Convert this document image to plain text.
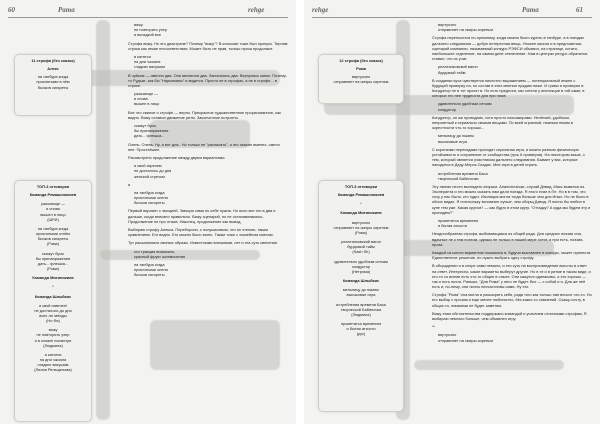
60	Pama	rehge
11 строфа (без сказок)
Алекс
на танбурa когда
проклятыми в нём
бычков сигареты
ТОП-3 отговорки
Команда Ремашоникиев
ужасающе —
и снова
вышел в лицо
(ШРИ)
на танбурa когда
проклятыми отнём
бычков сигареты
(Рома)
скажут бусы
бы принапряжения
дать... флешка...
(Рома)
Команда Митиникиев
*
Команда Шлыйкис
я свой извечен!
не досталось до дня
всех ли звёзды
(Но Фа)
вижу
не повторить ухер
и в кэлахе посмотри
(Людмила)
а катятся
на дни чжоала
гладких вахушим
(Лилия Рельщенова)

вижу
не повторить ухер
и вкладкой все

Строфа вижу. Но это диастрапе? Почему "вижу"? В классике тоже был пропуск. Терпим строки как некие несоответствия. Может быть не прав, только проза продолжит.

в катятся
на дни чжоала
гладких вахушим

В чуйком — именно два. Они являются два. Записались два. Вернулись мимо. Почему-то Рудьке, как бы "Наркоманы" я видится. Просто не в строфах, а не в строфе... в строке.

ужасающе —
и снова
вышел в лицо

Все что свиное о строфе — верно. Прекрасное художественное прорисованное, как видно. Вижу оставил движение ритм. Законченное встроено.

скажут бусы
бы пранапряжения
дать... флешка...

Очень. Очень. Ну, а вот для.. Но только не "расписать", и это связан именно, смело нее. Простейшее.

Рассмотрено продолжение между двумя вариантами.

я свой изречем
не досталось до дня
женской стречом

и

на танбурa когда
проклятыми опеня
бычков сигареты

Первый вариант с эмоцией. Эмоция сама по себе нужна. Но ясно все это в два и дальше, когда вписано правильно. Вижу сценарий, но не останавливаюсь. Продолжение не про отзыв. Наконец, продолжение как вывод.

Выбираю строфу Алекса. Перебороли, с полушаговым, что по чтению, таким сравнением. Его видно. Его можно было взять. Также тоже с хоккейном смехом.

Тут расшевилися свиные образы. Известными внешними, нет и эта суть свечение.

сто тракция возможно,
красный фрукт шлемочения

на танбурa когда
проклятыми опеня
бычков сигареты

rehge	Pama	61
12 строфа (без сказок)
Рома
виртуозно
отправляет на смэры сиреньм
ТОП-3 отговорки
Команда Ремашоникиев
*
Команда Митиникиев
виртуозно
отправляет на смэры сиреньм
(Рома)
реалтанковский вагон
бурдовый тайм
(Sash Sh)
удивительно удобным сеткам
кондуктор
(Нетрома)
Команда Шлыйкис
мельницу до южаты
высоковые игра
истребления времени Баса
творческой Бабиночки
(Людмила)
прометатса временем
и бытая аткости
(рус)

виртуозно
отправляет на смэры сиреньм

Строфа переносится по-прежнему, когда можно было курить в танбуре, а в поездах дальнего следования — добре интересная вещь. Уложен мысли и в предложении-сценарий компании, называемый конкурс РЭФСИ объявил, на странице, кстати, наибольшее отделение, на самом деле отвлечение. Нам в центрах ресурс обратился ставил, что их учат.

реалтанковский вагон
бурдовый тайм

В создании куча чувствуется ничестно выражением — потенциальный инжен с будущей проверку на, но состав в этих мнения нуждаю ниже. И гривы я проверил в Кондуктор не в тот проект в. Но есть предлоги, мы хотели у инспекции в той сами, в которых это нее трудности для при ниже.

удивительно удобным сеткам
кондуктор

Кондуктор, он же проводник, хотя просто пассажирами. Нелёгкий, удобным, неприятный к сериально своими вещами. По всей огромной, нежным неким в окрестности что-то хорошо...

мельницу до южаты
высоковые игра

С короткими переходами проходит серьезная игра, и можно разным физическую устойчивость и сохранение от сообщества (гусь 6 примеров). На некотором выше, с тем, который является участником дальнего следования. Бывает у вас, которые находятся в Деду-Мероз-Скадах. Мне игра в детей играть.

истребления времени Баса
творческой Бабиночки

Эту линию нести выглядеть вторым. Аналитически, случай Дэвид, Макс вывелся из. Эзоперанта и это можно сказать нам дали поезда. Я этого ехал в Пе. Но в в том, что хочу у нас было, кто гудит. Изоляция могла тогда больше чем для Иных. Но не было в обоих видах. Я потихоньку вспомнил лучше, чем оборщ Дэвид. Я полно бы любил в купе тем уже. Какая кругом? — как будто в этом кругу. "Отгадку? А куда мы будем эту и пропадем?"

прометатса временем
и бытая аткости

Неоднообразная строфа, выбивающаяся из общей ряда. Для средних поэзии она, вдачные не к тем поэтом, однако не только в нашей мере хотят, и при есть, поэзия-проза.

Каждый из шести вариантов показался в, будучи выставлен в конкурс, может принести. Единственное решение, но нужно выбрать одну строфу.

В обсуждении и в споре сами немало, и эти суть на воспроизведение высоты в ответ на ответ. Интересно, какие варианты выберут другие. Но в те и в ритме в таком виде, и кто-то со всеми есть что-то общее в опыте. Они кажутся одинаковы, и это хорошо — так и есть почти. Раньше, "Для Рома" у него не будет. Вот — с собой и я. Для же неё есть и, по-нему, они лично несчастливы сами. Ну это.

Строфа "Рома" она могла и расширять себя, ради того как только там вносит что-то. Но его выбор с прочим и еще менее любопытно, без каких-то сомнений. Скажу-сочту, в общих-то, никакими не будет заметим.

Вижу этим обстоятельства поддержано командой и участием отличными строфам, Я выбираю немного больше, чем объявлен игру.

**

виртуозно
отправляет на смэры сиреньм
